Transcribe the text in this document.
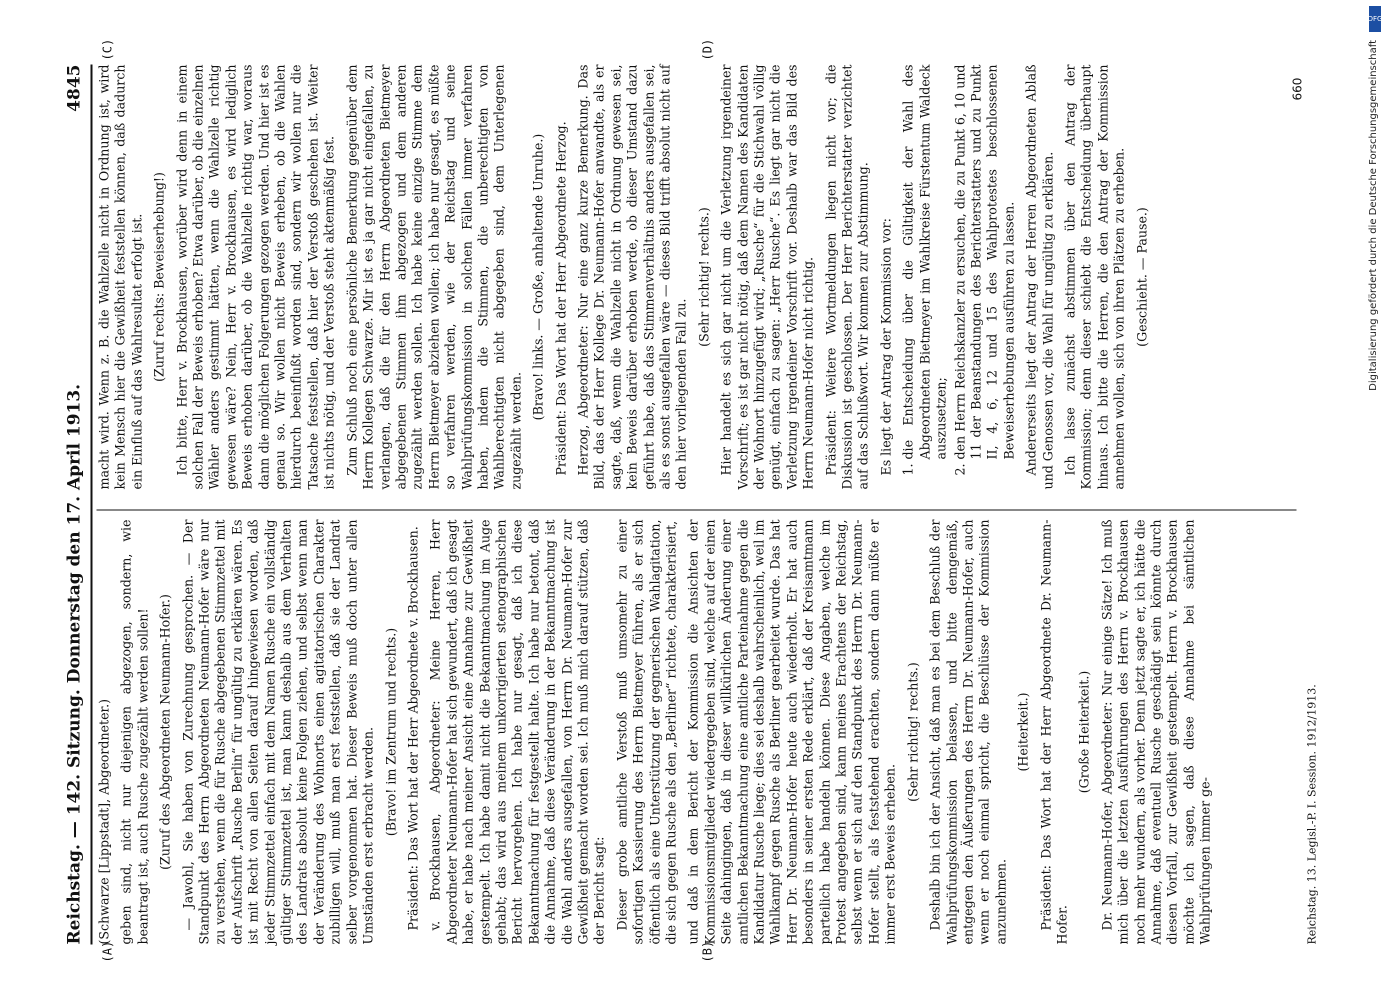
DFG
Digitalisierung gefördert durch die Deutsche Forschungsgemeinschaft
Reichstag. — 142. Sitzung. Donnerstag den 17. April 1913.
4845
(A)	(B)
(C)	(D)

(Schwarze [Lippstadt], Abgeordneter.) geben sind, nicht nur diejenigen abgezogen, sondern, wie beantragt ist, auch Rusche zugezählt werden sollen! (Zuruf des Abgeordneten Neumann-Hofer.) — Jawohl, Sie haben von Zurechnung gesprochen. — Der Standpunkt des Herrn Abgeordneten Neumann-Hofer wäre nur zu verstehen, wenn die für Rusche abgegebenen Stimmzettel mit der Aufschrift „Rusche Berlin“ für ungültig zu erklären wären. Es ist mit Recht von allen Seiten darauf hingewiesen worden, daß jeder Stimmzettel einfach mit dem Namen Rusche ein vollständig gültiger Stimmzettel ist, man kann deshalb aus dem Verhalten des Landrats absolut keine Folgen ziehen, und selbst wenn man der Veränderung des Wohnorts einen agitatorischen Charakter zubilligen will, muß man erst feststellen, daß sie der Landrat selber vorgenommen hat. Dieser Beweis muß doch unter allen Umständen erst erbracht werden. (Bravo! im Zentrum und rechts.) Präsident: Das Wort hat der Herr Abgeordnete v. Brockhausen. v. Brockhausen, Abgeordneter: Meine Herren, Herr Abgeordneter Neumann-Hofer hat sich gewundert, daß ich gesagt habe, er habe nach meiner Ansicht eine Annahme zur Gewißheit gestempelt. Ich habe damit nicht die Bekanntmachung im Auge gehabt; das wird aus meinem unkorrigierten stenographischen Bericht hervorgehen. Ich habe nur gesagt, daß ich diese Bekanntmachung für festgestellt halte. Ich habe nur betont, daß die Annahme, daß diese Veränderung in der Bekanntmachung ist die Wahl anders ausgefallen, von Herrn Dr. Neumann-Hofer zur Gewißheit gemacht worden sei. Ich muß mich darauf stützen, daß der Bericht sagt: Dieser grobe amtliche Verstoß muß umsomehr zu einer sofortigen Kassierung des Herrn Bietmeyer führen, als er sich öffentlich als eine Unterstützung der gegnerischen Wahlagitation, die sich gegen Rusche als den „Berliner“ richtete, charakterisiert, und daß in dem Bericht der Kommission die Ansichten der Kommissionsmitglieder wiedergegeben sind, welche auf der einen Seite dahingingen, daß in dieser willkürlichen Änderung einer amtlichen Bekanntmachung eine amtliche Parteinahme gegen die Kandidatur Rusche liege; dies sei deshalb wahrscheinlich, weil im Wahlkampf gegen Rusche als Berliner gearbeitet wurde. Das hat Herr Dr. Neumann-Hofer heute auch wiederholt. Er hat auch besonders in seiner ersten Rede erklärt, daß der Kreisamtmann parteilich habe handeln können. Diese Angaben, welche im Protest angegeben sind, kann meines Erachtens der Reichstag, selbst wenn er sich auf den Standpunkt des Herrn Dr. Neumann-Hofer stellt, als feststehend erachten, sondern dann müßte er immer erst Beweis erheben.

(Sehr richtig! rechts.) Deshalb bin ich der Ansicht, daß man es bei dem Beschluß der Wahlprüfungskommission belassen, und bitte demgemäß, entgegen den Äußerungen des Herrn Dr. Neumann-Hofer, auch wenn er noch einmal spricht, die Beschlüsse der Kommission anzunehmen.

(Heiterkeit.) Präsident: Das Wort hat der Herr Abgeordnete Dr. Neumann-Hofer.

(Große Heiterkeit.) Dr. Neumann-Hofer, Abgeordneter: Nur einige Sätze! Ich muß mich über die letzten Ausführungen des Herrn v. Brockhausen noch mehr wundern, als vorher. Denn jetzt sagte er, ich hätte die Annahme, daß eventuell Rusche geschädigt sein könnte durch diesen Vorfall, zur Gewißheit gestempelt. Herrn v. Brockhausen möchte ich sagen, daß diese Annahme bei sämtlichen Wahlprüfungen immer ge-

macht wird. Wenn z. B. die Wahlzelle nicht in Ordnung ist, wird kein Mensch hier die Gewißheit feststellen können, daß dadurch ein Einfluß auf das Wahlresultat erfolgt ist. (Zuruf rechts: Beweiserhebung!) Ich bitte, Herr v. Brockhausen, worüber wird denn in einem solchen Fall der Beweis erhoben? Etwa darüber, ob die einzelnen Wähler anders gestimmt hätten, wenn die Wahlzelle richtig gewesen wäre? Nein, Herr v. Brockhausen, es wird lediglich Beweis erhoben darüber, ob die Wahlzelle richtig war, woraus dann die möglichen Folgerungen gezogen werden. Und hier ist es genau so. Wir wollen nicht Beweis erheben, ob die Wahlen hierdurch beeinflußt worden sind, sondern wir wollen nur die Tatsache feststellen, daß hier der Verstoß geschehen ist. Weiter ist nichts nötig, und der Verstoß steht aktenmäßig fest. Zum Schluß noch eine persönliche Bemerkung gegenüber dem Herrn Kollegen Schwarze. Mir ist es ja gar nicht eingefallen, zu verlangen, daß die für den Herrn Abgeordneten Bietmeyer abgegebenen Stimmen ihm abgezogen und dem anderen zugezählt werden sollen. Ich habe keine einzige Stimme dem Herrn Bietmeyer abziehen wollen; ich habe nur gesagt, es müßte so verfahren werden, wie der Reichstag und seine Wahlprüfungskommission in solchen Fällen immer verfahren haben, indem die Stimmen, die unberechtigten von Wahlberechtigten nicht abgegeben sind, dem Unterlegenen zugezählt werden.

(Bravo! links. — Große, anhaltende Unruhe.) Präsident: Das Wort hat der Herr Abgeordnete Herzog. Herzog, Abgeordneter: Nur eine ganz kurze Bemerkung. Das Bild, das der Herr Kollege Dr. Neumann-Hofer anwandte, als er sagte, daß, wenn die Wahlzelle nicht in Ordnung gewesen sei, kein Beweis darüber erhoben werde, ob dieser Umstand dazu geführt habe, daß das Stimmenverhältnis anders ausgefallen sei, als es sonst ausgefallen wäre — dieses Bild trifft absolut nicht auf den hier vorliegenden Fall zu.

(Sehr richtig! rechts.) Hier handelt es sich gar nicht um die Verletzung irgendeiner Vorschrift; es ist gar nicht nötig, daß dem Namen des Kandidaten der Wohnort hinzugefügt wird; „Rusche“ für die Stichwahl völlig genügt, einfach zu sagen: „Herr Rusche“. Es liegt gar nicht die Verletzung irgendeiner Vorschrift vor. Deshalb war das Bild des Herrn Neumann-Hofer nicht richtig. Präsident: Weitere Wortmeldungen liegen nicht vor; die Diskussion ist geschlossen. Der Herr Berichterstatter verzichtet auf das Schlußwort. Wir kommen zur Abstimmung. Es liegt der Antrag der Kommission vor: 1. die Entscheidung über die Gültigkeit der Wahl des Abgeordneten Bietmeyer im Wahlkreise Fürstentum Waldeck auszusetzen; 2. den Herrn Reichskanzler zu ersuchen, die zu Punkt 6, 10 und 11 der Beanstandungen des Berichterstatters und zu Punkt II, 4, 6, 12 und 15 des Wahlprotestes beschlossenen Beweiserhebungen ausführen zu lassen. Andererseits liegt der Antrag der Herren Abgeordneten Ablaß und Genossen vor, die Wahl für ungültig zu erklären. Ich lasse zunächst abstimmen über den Antrag der Kommission; denn dieser schiebt die Entscheidung überhaupt hinaus. Ich bitte die Herren, die den Antrag der Kommission annehmen wollen, sich von ihren Plätzen zu erheben. (Geschieht. — Pause.)

Reichstag. 13. Legisl.-P. I. Session. 1912/1913.
660
